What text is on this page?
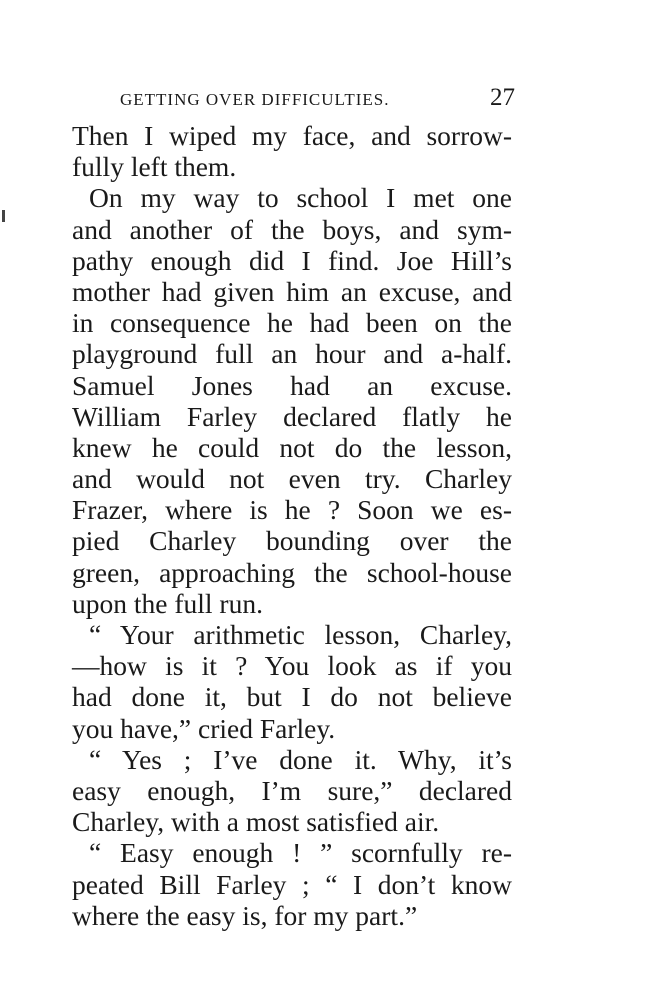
GETTING OVER DIFFICULTIES.	27
Then I wiped my face, and sorrow-
fully left them.
On my way to school I met one
and another of the boys, and sym-
pathy enough did I find. Joe Hill’s
mother had given him an excuse, and
in consequence he had been on the
playground full an hour and a-half.
Samuel Jones had an excuse.
William Farley declared flatly he
knew he could not do the lesson,
and would not even try. Charley
Frazer, where is he ? Soon we es-
pied Charley bounding over the
green, approaching the school-house
upon the full run.
“ Your arithmetic lesson, Charley,
—how is it ? You look as if you
had done it, but I do not believe
you have,” cried Farley.
“ Yes ; I’ve done it. Why, it’s
easy enough, I’m sure,” declared
Charley, with a most satisfied air.
“ Easy enough ! ” scornfully re-
peated Bill Farley ; “ I don’t know
where the easy is, for my part.”
